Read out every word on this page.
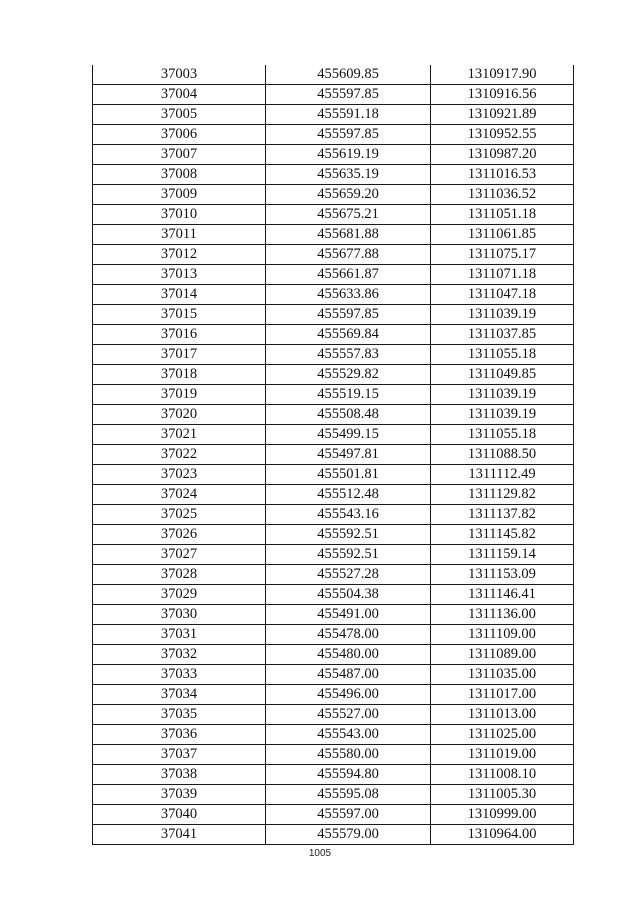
37003	455609.85	1310917.90
37004	455597.85	1310916.56
37005	455591.18	1310921.89
37006	455597.85	1310952.55
37007	455619.19	1310987.20
37008	455635.19	1311016.53
37009	455659.20	1311036.52
37010	455675.21	1311051.18
37011	455681.88	1311061.85
37012	455677.88	1311075.17
37013	455661.87	1311071.18
37014	455633.86	1311047.18
37015	455597.85	1311039.19
37016	455569.84	1311037.85
37017	455557.83	1311055.18
37018	455529.82	1311049.85
37019	455519.15	1311039.19
37020	455508.48	1311039.19
37021	455499.15	1311055.18
37022	455497.81	1311088.50
37023	455501.81	1311112.49
37024	455512.48	1311129.82
37025	455543.16	1311137.82
37026	455592.51	1311145.82
37027	455592.51	1311159.14
37028	455527.28	1311153.09
37029	455504.38	1311146.41
37030	455491.00	1311136.00
37031	455478.00	1311109.00
37032	455480.00	1311089.00
37033	455487.00	1311035.00
37034	455496.00	1311017.00
37035	455527.00	1311013.00
37036	455543.00	1311025.00
37037	455580.00	1311019.00
37038	455594.80	1311008.10
37039	455595.08	1311005.30
37040	455597.00	1310999.00
37041	455579.00	1310964.00
1005
